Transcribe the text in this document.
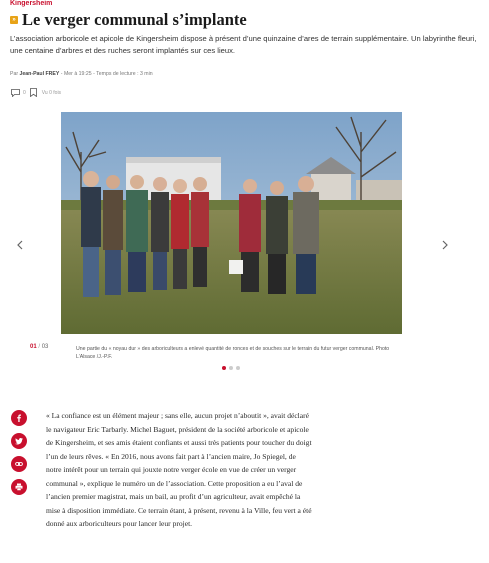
Kingersheim
» Le verger communal s’implante

L’association arboricole et apicole de Kingersheim dispose à présent d’une quinzaine d’ares de terrain supplémentaire. Un labyrinthe fleuri, une centaine d’arbres et des ruches seront implantés sur ces lieux.

Par Jean-Paul FREY - Mer à 19:25 - Temps de lecture : 3 min
0	Vu 0 fois
01 / 03	Une partie du « noyau dur » des arboriculteurs a enlevé quantité de ronces et de souches sur le terrain du futur verger communal. Photo L’Alsace /J.-P.F.

« La confiance est un élément majeur ; sans elle, aucun projet n’aboutit », avait déclaré le navigateur Eric Tarbarly. Michel Baguet, président de la société arboricole et apicole de Kingersheim, et ses amis étaient confiants et aussi très patients pour toucher du doigt l’un de leurs rêves. « En 2016, nous avons fait part à l’ancien maire, Jo Spiegel, de notre intérêt pour un terrain qui jouxte notre verger école en vue de créer un verger communal », explique le numéro un de l’association. Cette proposition a eu l’aval de l’ancien premier magistrat, mais un bail, au profit d’un agriculteur, avait empêché la mise à disposition immédiate. Ce terrain étant, à présent, revenu à la Ville, feu vert a été donné aux arboriculteurs pour lancer leur projet.
